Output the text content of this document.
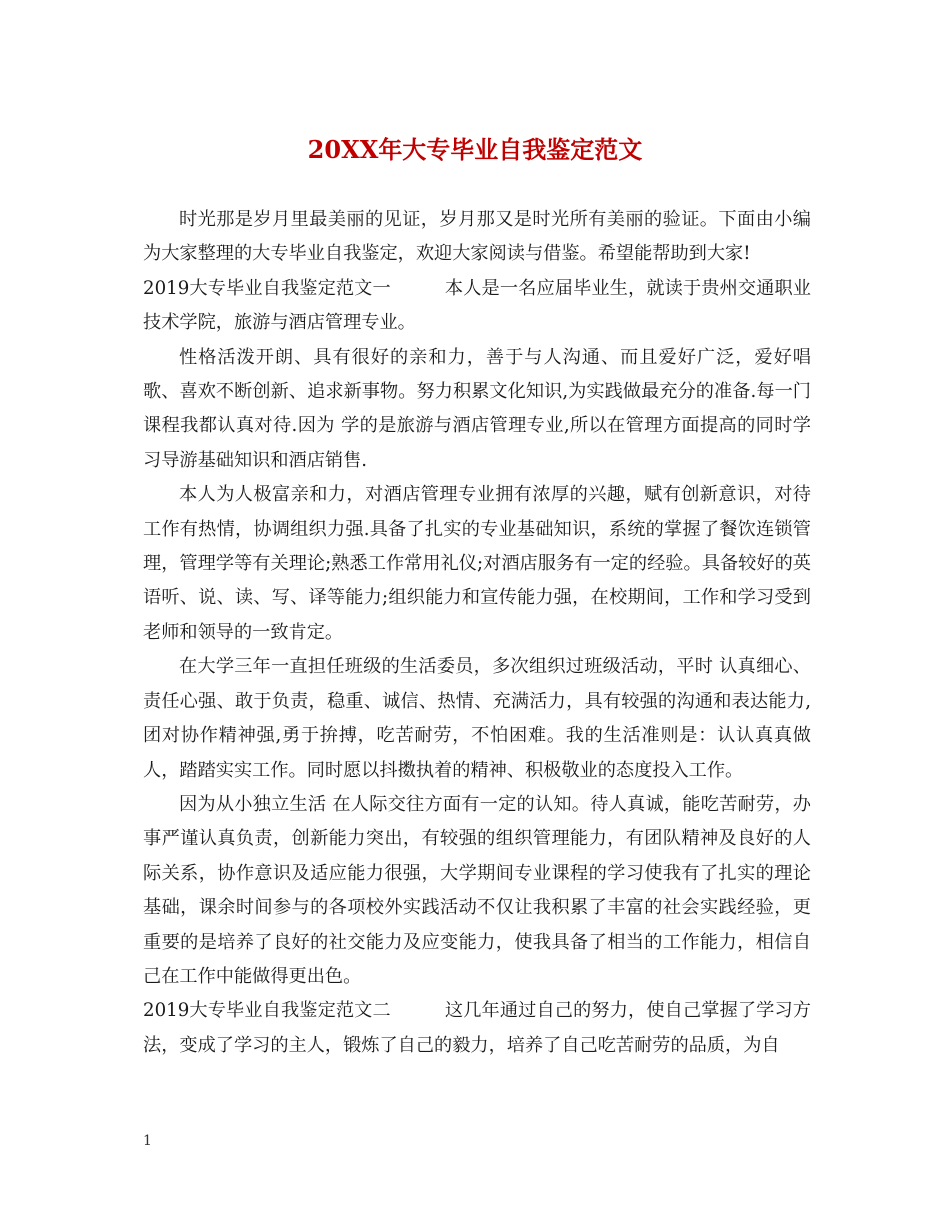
20XX年大专毕业自我鉴定范文

时光那是岁月里最美丽的见证，岁月那又是时光所有美丽的验证。下面由小编为大家整理的大专毕业自我鉴定，欢迎大家阅读与借鉴。希望能帮助到大家!

2019大专毕业自我鉴定范文一	本人是一名应届毕业生，就读于贵州交通职业技术学院，旅游与酒店管理专业。

性格活泼开朗、具有很好的亲和力，善于与人沟通、而且爱好广泛，爱好唱歌、喜欢不断创新、追求新事物。努力积累文化知识,为实践做最充分的准备.每一门课程我都认真对待.因为 学的是旅游与酒店管理专业,所以在管理方面提高的同时学习导游基础知识和酒店销售.

本人为人极富亲和力，对酒店管理专业拥有浓厚的兴趣，赋有创新意识，对待工作有热情，协调组织力强.具备了扎实的专业基础知识，系统的掌握了餐饮连锁管理，管理学等有关理论;熟悉工作常用礼仪;对酒店服务有一定的经验。具备较好的英语听、说、读、写、译等能力;组织能力和宣传能力强，在校期间，工作和学习受到老师和领导的一致肯定。

在大学三年一直担任班级的生活委员，多次组织过班级活动，平时 认真细心、责任心强、敢于负责，稳重、诚信、热情、充满活力，具有较强的沟通和表达能力,团对协作精神强,勇于拚搏，吃苦耐劳，不怕困难。我的生活准则是：认认真真做人，踏踏实实工作。同时愿以抖擞执着的精神、积极敬业的态度投入工作。

因为从小独立生活 在人际交往方面有一定的认知。待人真诚，能吃苦耐劳，办事严谨认真负责，创新能力突出，有较强的组织管理能力，有团队精神及良好的人际关系，协作意识及适应能力很强，大学期间专业课程的学习使我有了扎实的理论基础，课余时间参与的各项校外实践活动不仅让我积累了丰富的社会实践经验，更重要的是培养了良好的社交能力及应变能力，使我具备了相当的工作能力，相信自己在工作中能做得更出色。

2019大专毕业自我鉴定范文二	这几年通过自己的努力，使自己掌握了学习方法，变成了学习的主人，锻炼了自己的毅力，培养了自己吃苦耐劳的品质，为自

1
